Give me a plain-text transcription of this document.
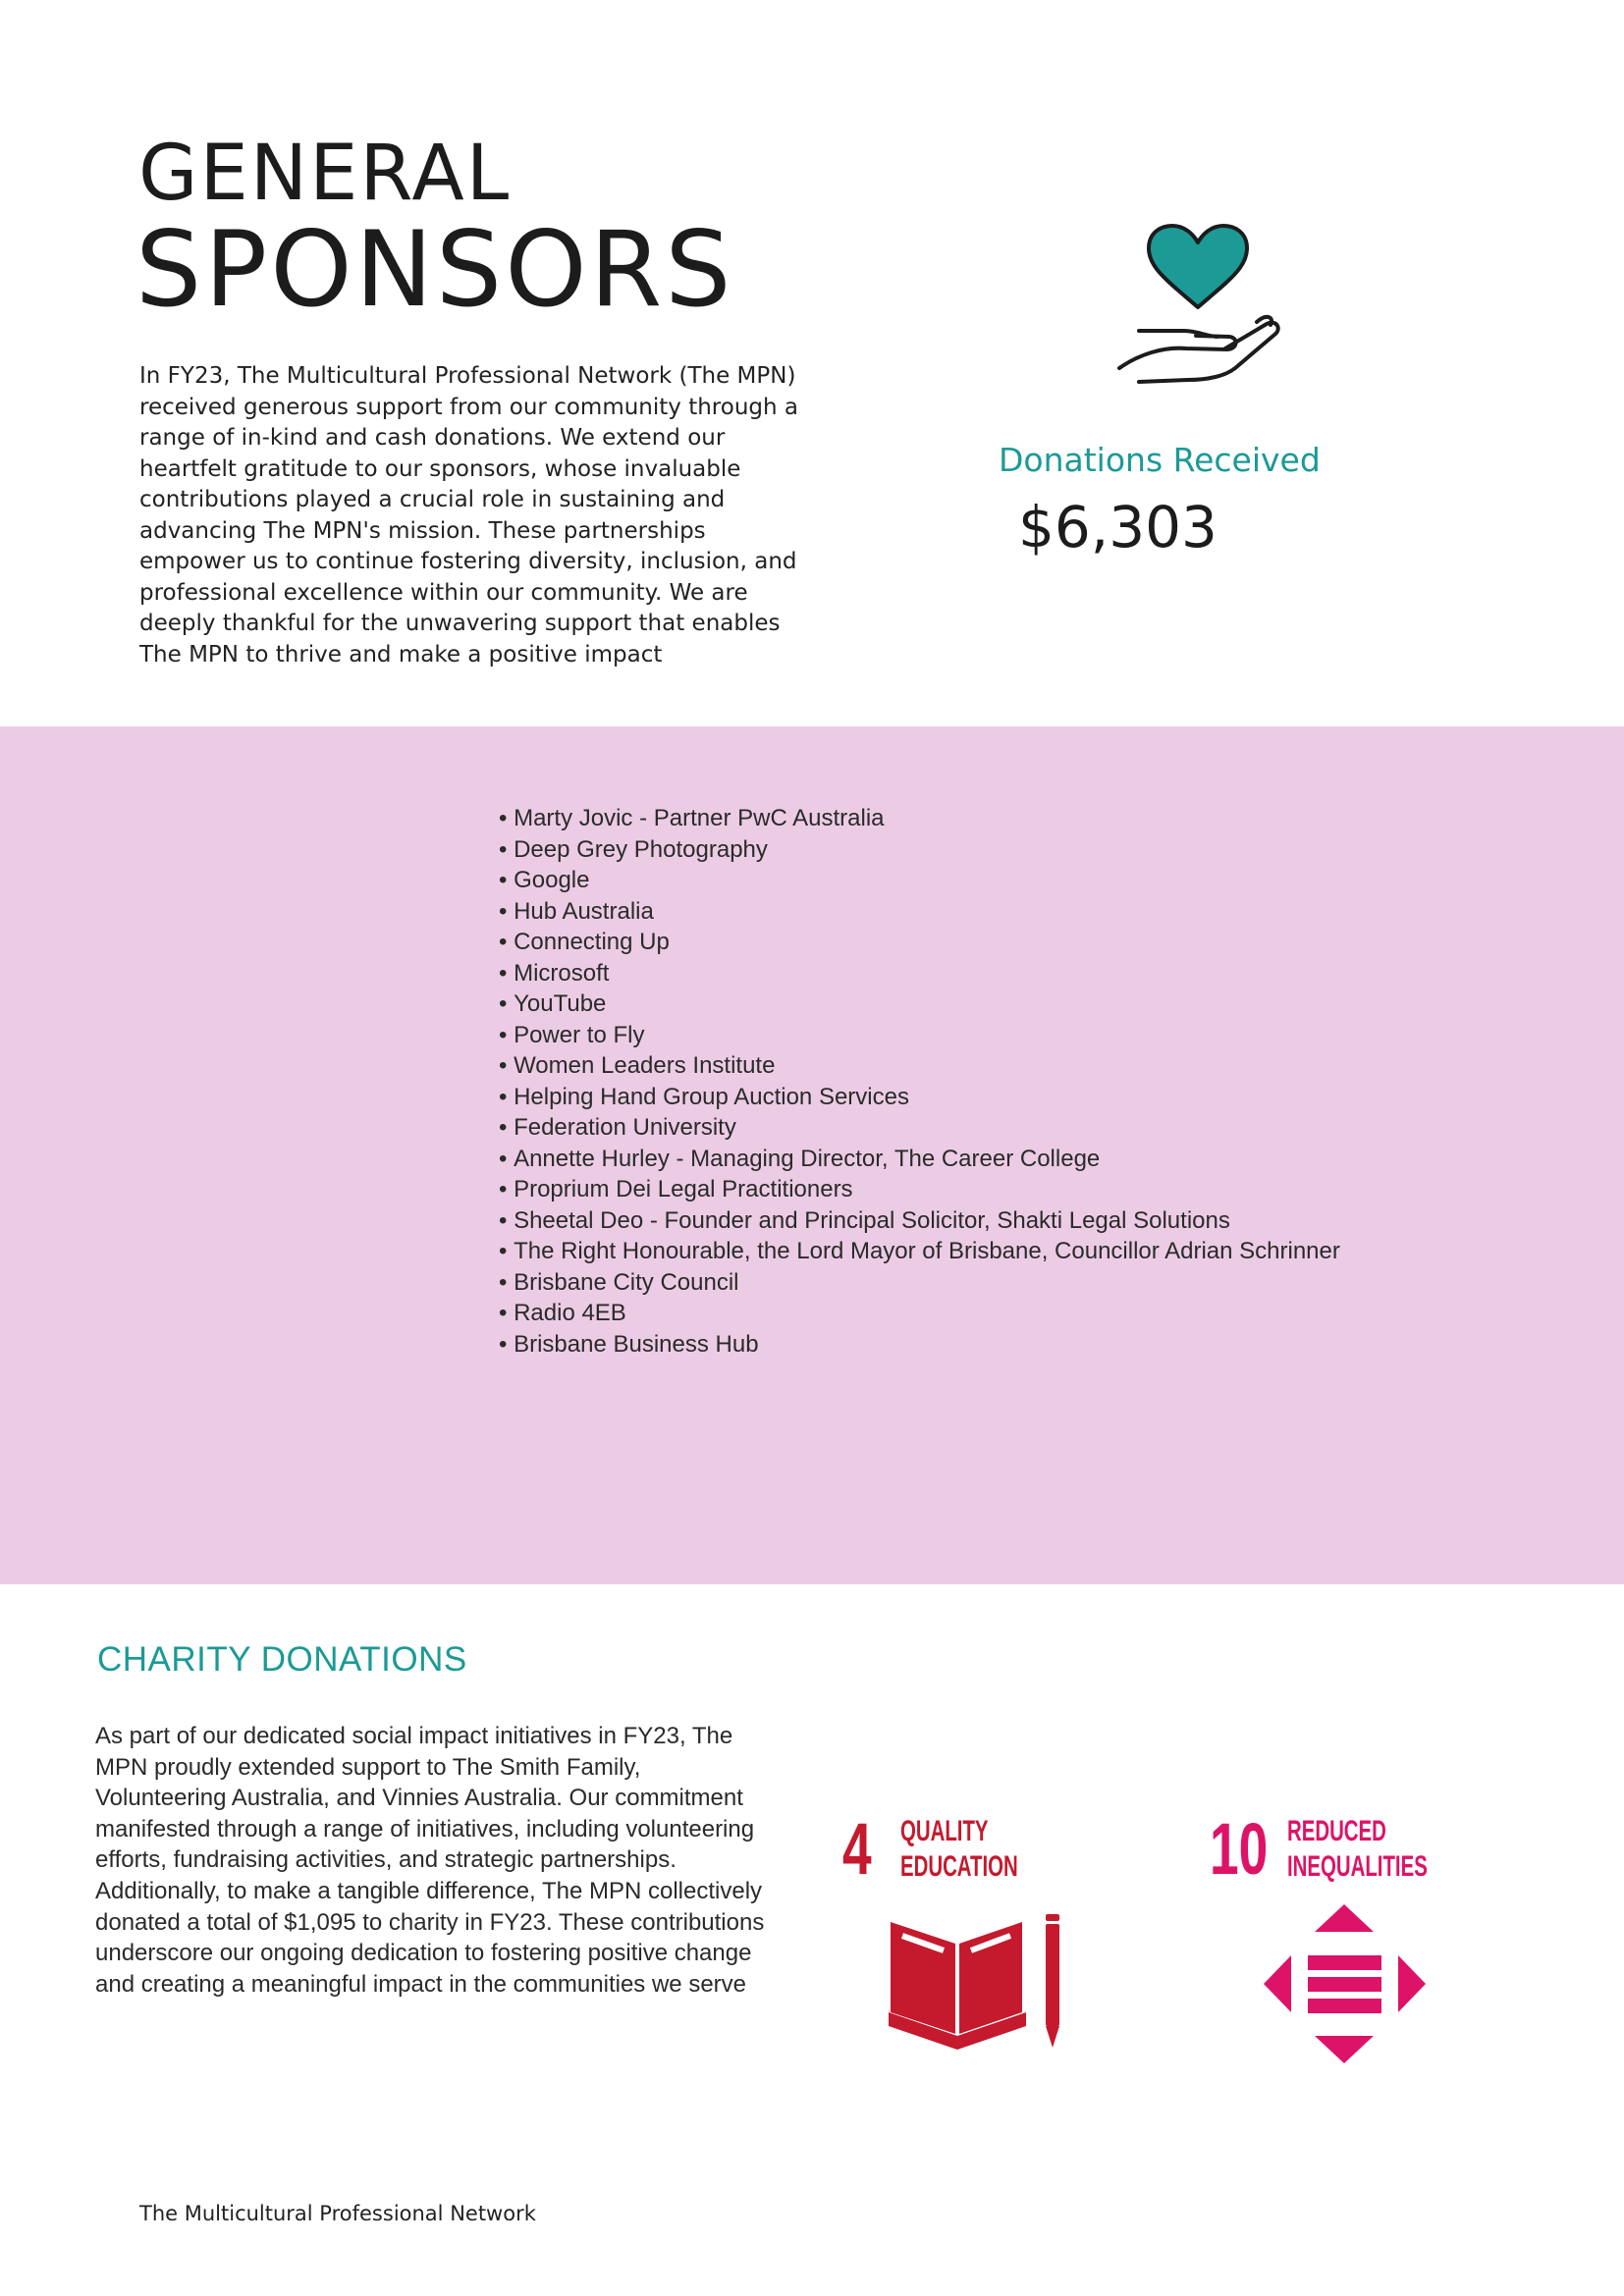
GENERAL
SPONSORS
In FY23, The Multicultural Professional Network (The MPN) received generous support from our community through a range of in-kind and cash donations. We extend our heartfelt gratitude to our sponsors, whose invaluable contributions played a crucial role in sustaining and advancing The MPN's mission. These partnerships empower us to continue fostering diversity, inclusion, and professional excellence within our community. We are deeply thankful for the unwavering support that enables The MPN to thrive and make a positive impact
Donations Received
$6,303
• Marty Jovic - Partner PwC Australia
• Deep Grey Photography
• Google
• Hub Australia
• Connecting Up
• Microsoft
• YouTube
• Power to Fly
• Women Leaders Institute
• Helping Hand Group Auction Services
• Federation University
• Annette Hurley - Managing Director, The Career College
• Proprium Dei Legal Practitioners
• Sheetal Deo - Founder and Principal Solicitor, Shakti Legal Solutions
• The Right Honourable, the Lord Mayor of Brisbane, Councillor Adrian Schrinner
• Brisbane City Council
• Radio 4EB
• Brisbane Business Hub
CHARITY DONATIONS
As part of our dedicated social impact initiatives in FY23, The MPN proudly extended support to The Smith Family, Volunteering Australia, and Vinnies Australia. Our commitment manifested through a range of initiatives, including volunteering efforts, fundraising activities, and strategic partnerships. Additionally, to make a tangible difference, The MPN collectively donated a total of $1,095 to charity in FY23. These contributions underscore our ongoing dedication to fostering positive change and creating a meaningful impact in the communities we serve
4 QUALITY
EDUCATION	10 REDUCED
INEQUALITIES
The Multicultural Professional Network
